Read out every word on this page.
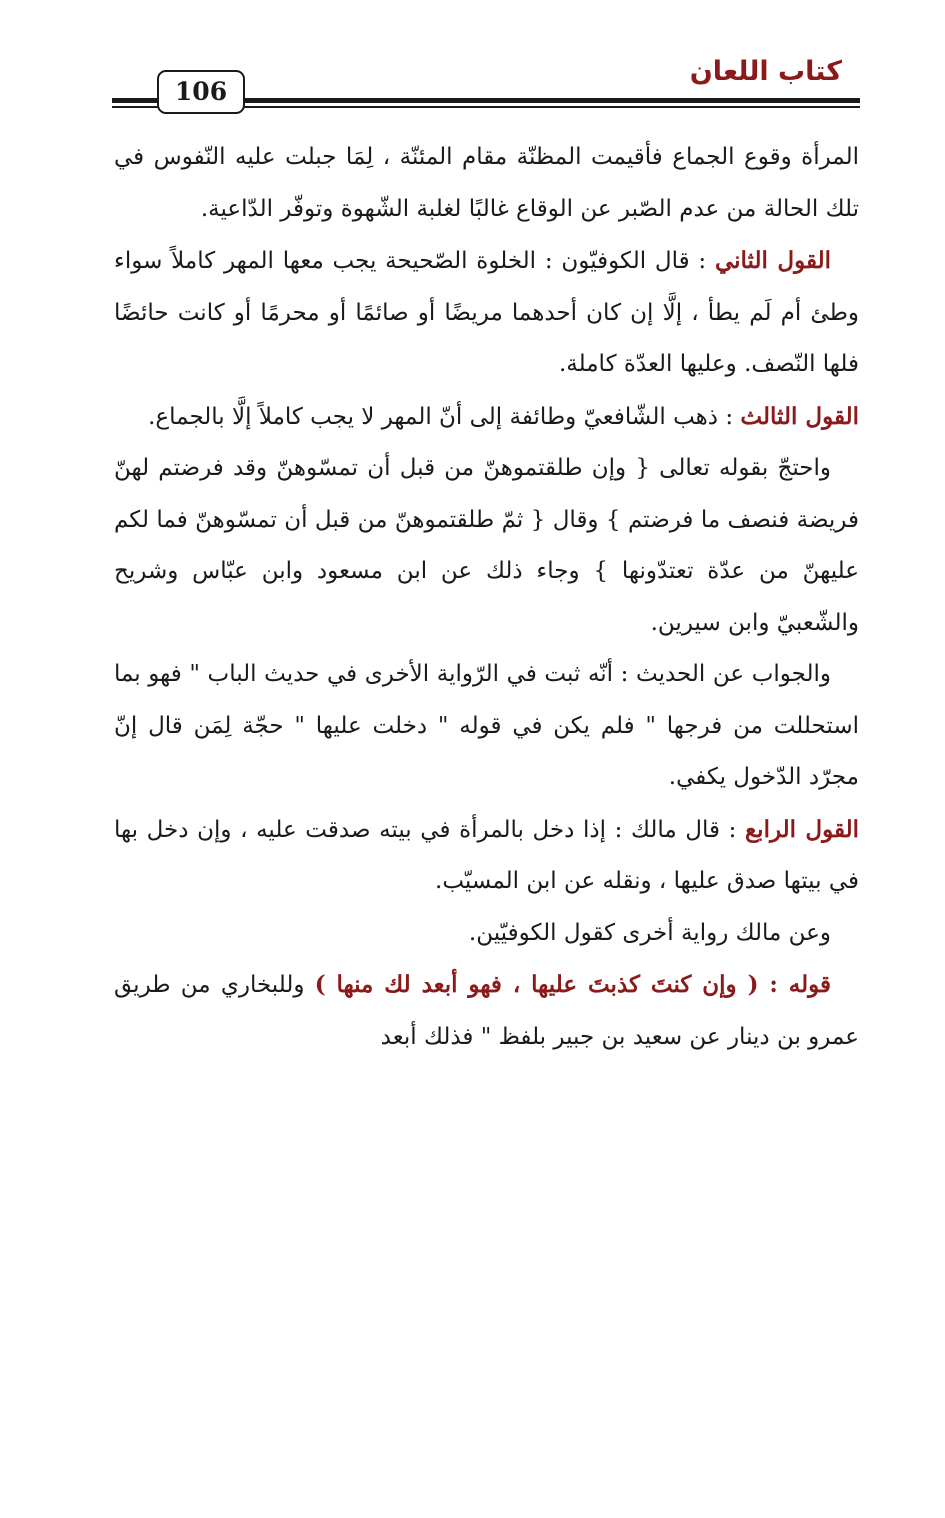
كتاب اللعان
106

المرأة وقوع الجماع فأقيمت المظنّة مقام المئنّة ، لِمَا جبلت عليه النّفوس في تلك الحالة من عدم الصّبر عن الوقاع غالبًا لغلبة الشّهوة وتوفّر الدّاعية.

القول الثاني : قال الكوفيّون : الخلوة الصّحيحة يجب معها المهر كاملاً سواء وطئ أم لَم يطأ ، إلَّا إن كان أحدهما مريضًا أو صائمًا أو محرمًا أو كانت حائضًا فلها النّصف. وعليها العدّة كاملة.

القول الثالث : ذهب الشّافعيّ وطائفة إلى أنّ المهر لا يجب كاملاً إلَّا بالجماع.

واحتجّ بقوله تعالى { وإن طلقتموهنّ من قبل أن تمسّوهنّ وقد فرضتم لهنّ فريضة فنصف ما فرضتم } وقال { ثمّ طلقتموهنّ من قبل أن تمسّوهنّ فما لكم عليهنّ من عدّة تعتدّونها } وجاء ذلك عن ابن مسعود وابن عبّاس وشريح والشّعبيّ وابن سيرين.

والجواب عن الحديث : أنّه ثبت في الرّواية الأخرى في حديث الباب " فهو بما استحللت من فرجها " فلم يكن في قوله " دخلت عليها " حجّة لِمَن قال إنّ مجرّد الدّخول يكفي.

القول الرابع : قال مالك : إذا دخل بالمرأة في بيته صدقت عليه ، وإن دخل بها في بيتها صدق عليها ، ونقله عن ابن المسيّب.

وعن مالك رواية أخرى كقول الكوفيّين.

قوله : ( وإن كنتَ كذبتَ عليها ، فهو أبعد لك منها ) وللبخاري من طريق عمرو بن دينار عن سعيد بن جبير بلفظ " فذلك أبعد
